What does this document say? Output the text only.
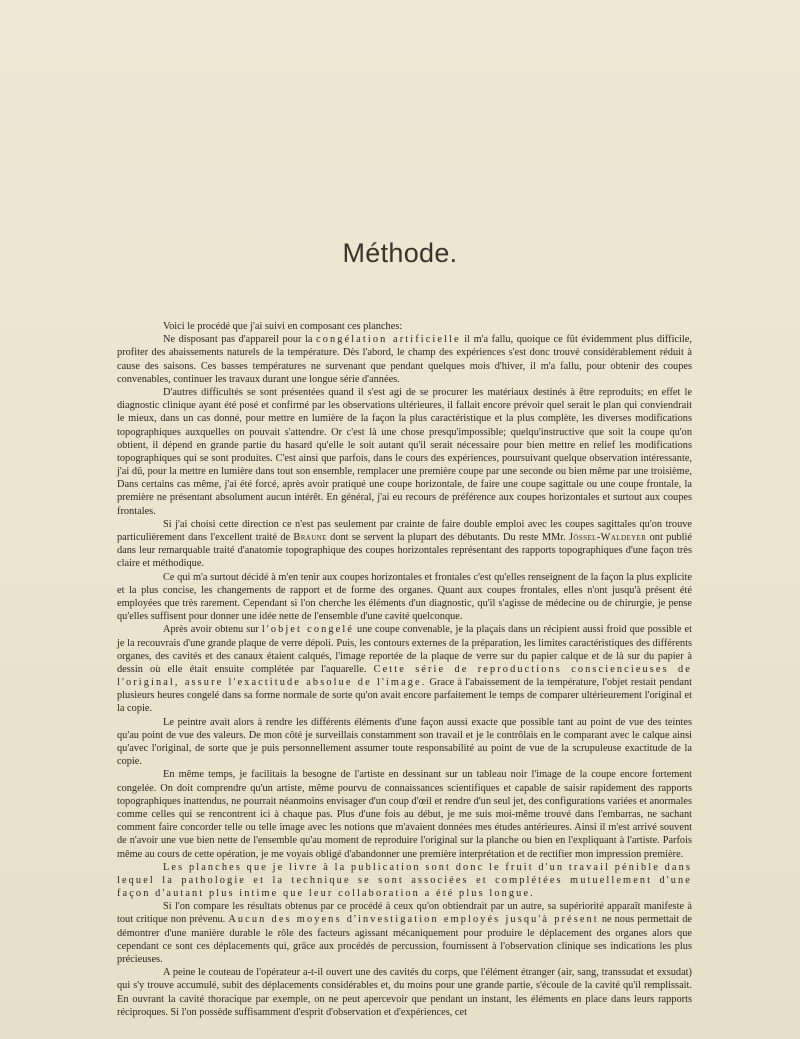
Méthode.

Voici le procédé que j'ai suivi en composant ces planches:

Ne disposant pas d'appareil pour la congélation artificielle il m'a fallu, quoique ce fût évidemment plus difficile, profiter des abaissements naturels de la température. Dès l'abord, le champ des expériences s'est donc trouvé considérablement réduit à cause des saisons. Ces basses températures ne survenant que pendant quelques mois d'hiver, il m'a fallu, pour obtenir des coupes convenables, continuer les travaux durant une longue série d'années.

D'autres difficultés se sont présentées quand il s'est agi de se procurer les matériaux destinés à être reproduits; en effet le diagnostic clinique ayant été posé et confirmé par les observations ultérieures, il fallait encore prévoir quel serait le plan qui conviendrait le mieux, dans un cas donné, pour mettre en lumière de la façon la plus caractéristique et la plus complète, les diverses modifications topographiques auxquelles on pouvait s'attendre. Or c'est là une chose presqu'impossible; quelqu'instructive que soit la coupe qu'on obtient, il dépend en grande partie du hasard qu'elle le soit autant qu'il serait nécessaire pour bien mettre en relief les modifications topographiques qui se sont produites. C'est ainsi que parfois, dans le cours des expériences, poursuivant quelque observation intéressante, j'ai dû, pour la mettre en lumière dans tout son ensemble, remplacer une première coupe par une seconde ou bien même par une troisième, Dans certains cas même, j'ai été forcé, après avoir pratiqué une coupe horizontale, de faire une coupe sagittale ou une coupe frontale, la première ne présentant absolument aucun intérêt. En général, j'ai eu recours de préférence aux coupes horizontales et surtout aux coupes frontales.

Si j'ai choisi cette direction ce n'est pas seulement par crainte de faire double emploi avec les coupes sagittales qu'on trouve particulièrement dans l'excellent traité de Braune dont se servent la plupart des débutants. Du reste MMr. Jössel-Waldeyer ont publié dans leur remarquable traité d'anatomie topographique des coupes horizontales représentant des rapports topographiques d'une façon très claire et méthodique.

Ce qui m'a surtout décidé à m'en tenir aux coupes horizontales et frontales c'est qu'elles renseignent de la façon la plus explicite et la plus concise, les changements de rapport et de forme des organes. Quant aux coupes frontales, elles n'ont jusqu'à présent été employées que très rarement. Cependant si l'on cherche les éléments d'un diagnostic, qu'il s'agisse de médecine ou de chirurgie, je pense qu'elles suffisent pour donner une idée nette de l'ensemble d'une cavité quelconque.

Après avoir obtenu sur l'objet congelé une coupe convenable, je la plaçais dans un récipient aussi froid que possible et je la recouvrais d'une grande plaque de verre dépoli. Puis, les contours externes de la préparation, les limites caractéristiques des différents organes, des cavités et des canaux étaient calqués, l'image reportée de la plaque de verre sur du papier calque et de là sur du papier à dessin où elle était ensuite complétée par l'aquarelle. Cette série de reproductions consciencieuses de l'original, assure l'exactitude absolue de l'image. Grace à l'abaissement de la température, l'objet restait pendant plusieurs heures congelé dans sa forme normale de sorte qu'on avait encore parfaitement le temps de comparer ultérieurement l'original et la copie.

Le peintre avait alors à rendre les différents éléments d'une façon aussi exacte que possible tant au point de vue des teintes qu'au point de vue des valeurs. De mon côté je surveillais constamment son travail et je le contrôlais en le comparant avec le calque ainsi qu'avec l'original, de sorte que je puis personnellement assumer toute responsabilité au point de vue de la scrupuleuse exactitude de la copie.

En même temps, je facilitais la besogne de l'artiste en dessinant sur un tableau noir l'image de la coupe encore fortement congelée. On doit comprendre qu'un artiste, même pourvu de connaissances scientifiques et capable de saisir rapidement des rapports topographiques inattendus, ne pourrait néanmoins envisager d'un coup d'œil et rendre d'un seul jet, des configurations variées et anormales comme celles qui se rencontrent ici à chaque pas. Plus d'une fois au début, je me suis moi-même trouvé dans l'embarras, ne sachant comment faire concorder telle ou telle image avec les notions que m'avaient données mes études antérieures. Ainsi il m'est arrivé souvent de n'avoir une vue bien nette de l'ensemble qu'au moment de reproduire l'original sur la planche ou bien en l'expliquant à l'artiste. Parfois même au cours de cette opération, je me voyais obligé d'abandonner une première interprétation et de rectifier mon impression première.

Les planches que je livre à la publication sont donc le fruit d'un travail pénible dans lequel la pathologie et la technique se sont associées et complétées mutuellement d'une façon d'autant plus intime que leur collaboration a été plus longue.

Si l'on compare les résultats obtenus par ce procédé à ceux qu'on obtiendrait par un autre, sa supériorité apparaît manifeste à tout critique non prévenu. Aucun des moyens d'investigation employés jusqu'à présent ne nous permettait de démontrer d'une manière durable le rôle des facteurs agissant mécaniquement pour produire le déplacement des organes alors que cependant ce sont ces déplacements qui, grâce aux procédés de percussion, fournissent à l'observation clinique ses indications les plus précieuses.

A peine le couteau de l'opérateur a-t-il ouvert une des cavités du corps, que l'élément étranger (air, sang, transsudat et exsudat) qui s'y trouve accumulé, subit des déplacements considérables et, du moins pour une grande partie, s'écoule de la cavité qu'il remplissait. En ouvrant la cavité thoracique par exemple, on ne peut apercevoir que pendant un instant, les éléments en place dans leurs rapports réciproques. Si l'on possède suffisamment d'esprit d'observation et d'expériences, cet
